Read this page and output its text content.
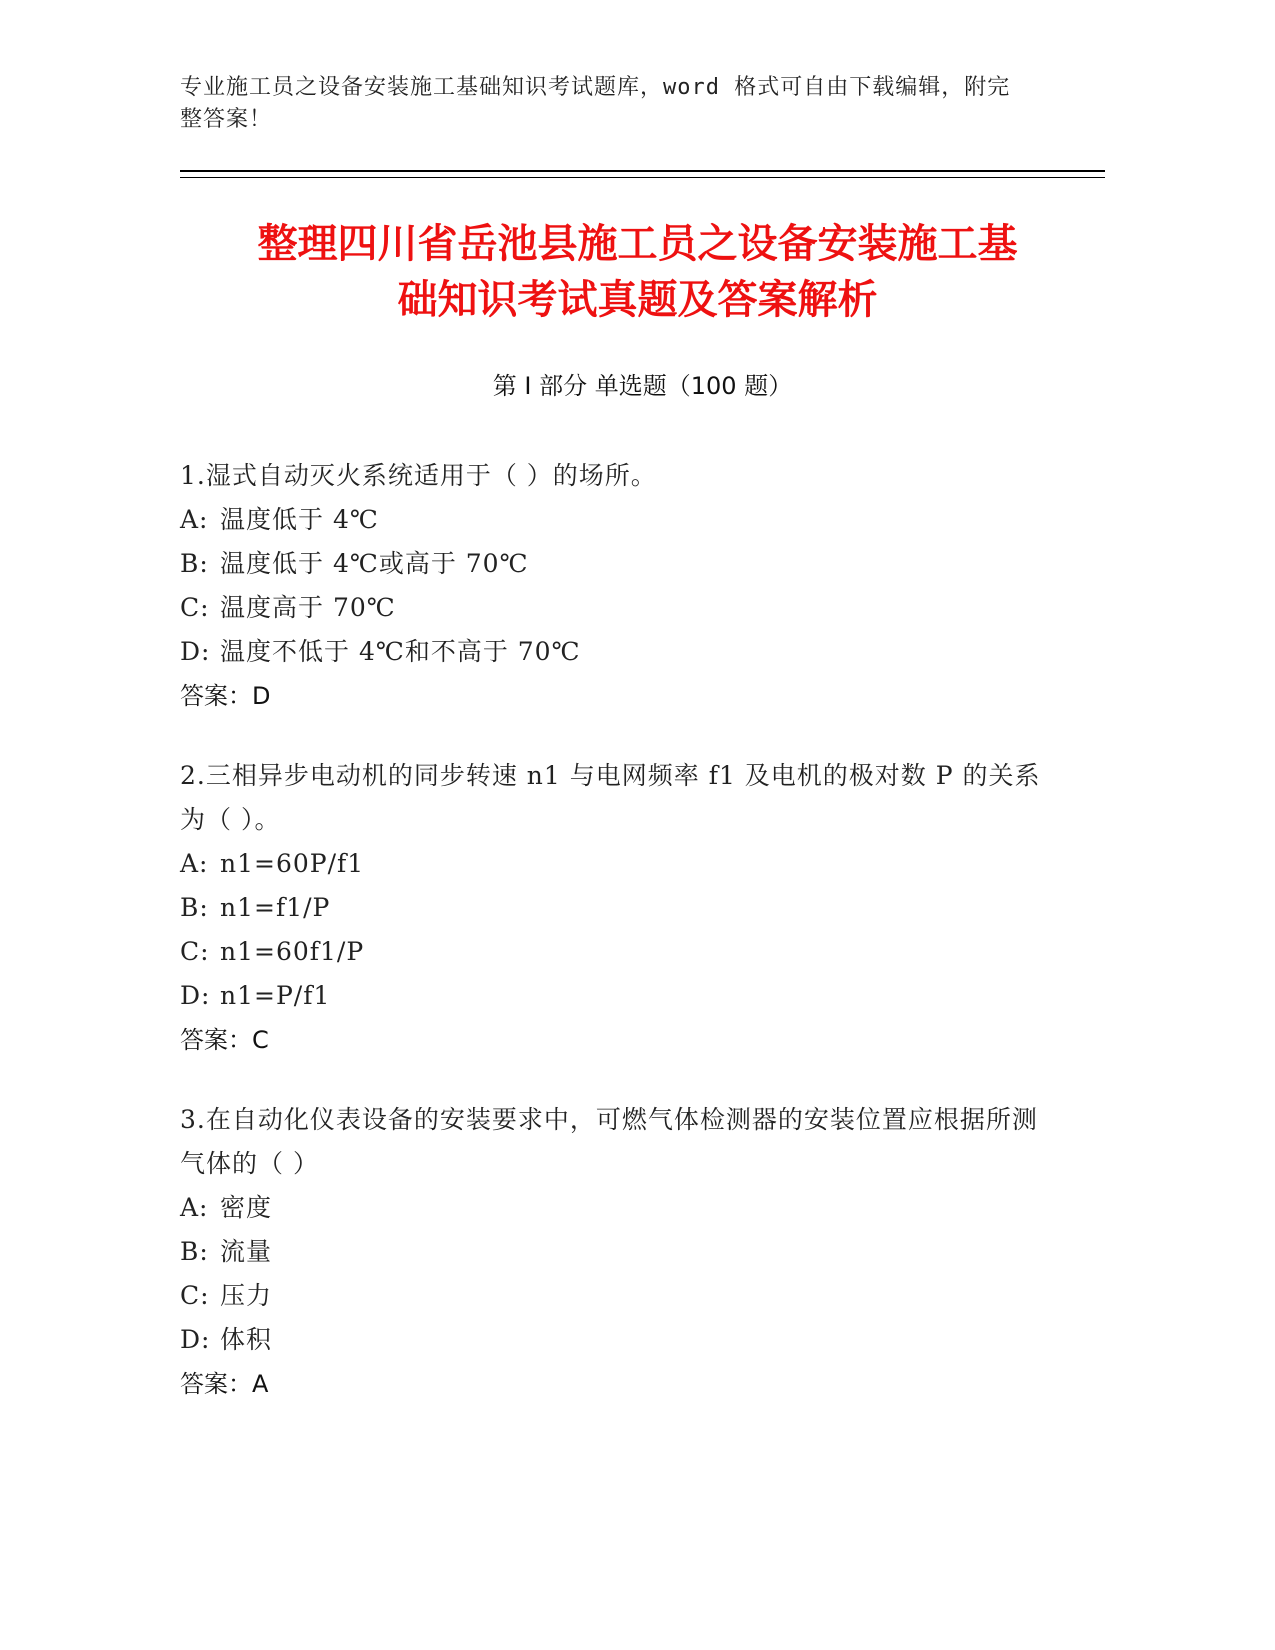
专业施工员之设备安装施工基础知识考试题库，word 格式可自由下载编辑，附完
整答案！
整理四川省岳池县施工员之设备安装施工基
础知识考试真题及答案解析
第 I 部分 单选题（100 题）
1.湿式自动灭火系统适用于（ ）的场所。
A: 温度低于 4℃
B: 温度低于 4℃或高于 70℃
C: 温度高于 70℃
D: 温度不低于 4℃和不高于 70℃
答案：D
2.三相异步电动机的同步转速 n1 与电网频率 f1 及电机的极对数 P 的关系为（ ）。
A: n1=60P/f1
B: n1=f1/P
C: n1=60f1/P
D: n1=P/f1
答案：C
3.在自动化仪表设备的安装要求中，可燃气体检测器的安装位置应根据所测气体的（ ）
A: 密度
B: 流量
C: 压力
D: 体积
答案：A
